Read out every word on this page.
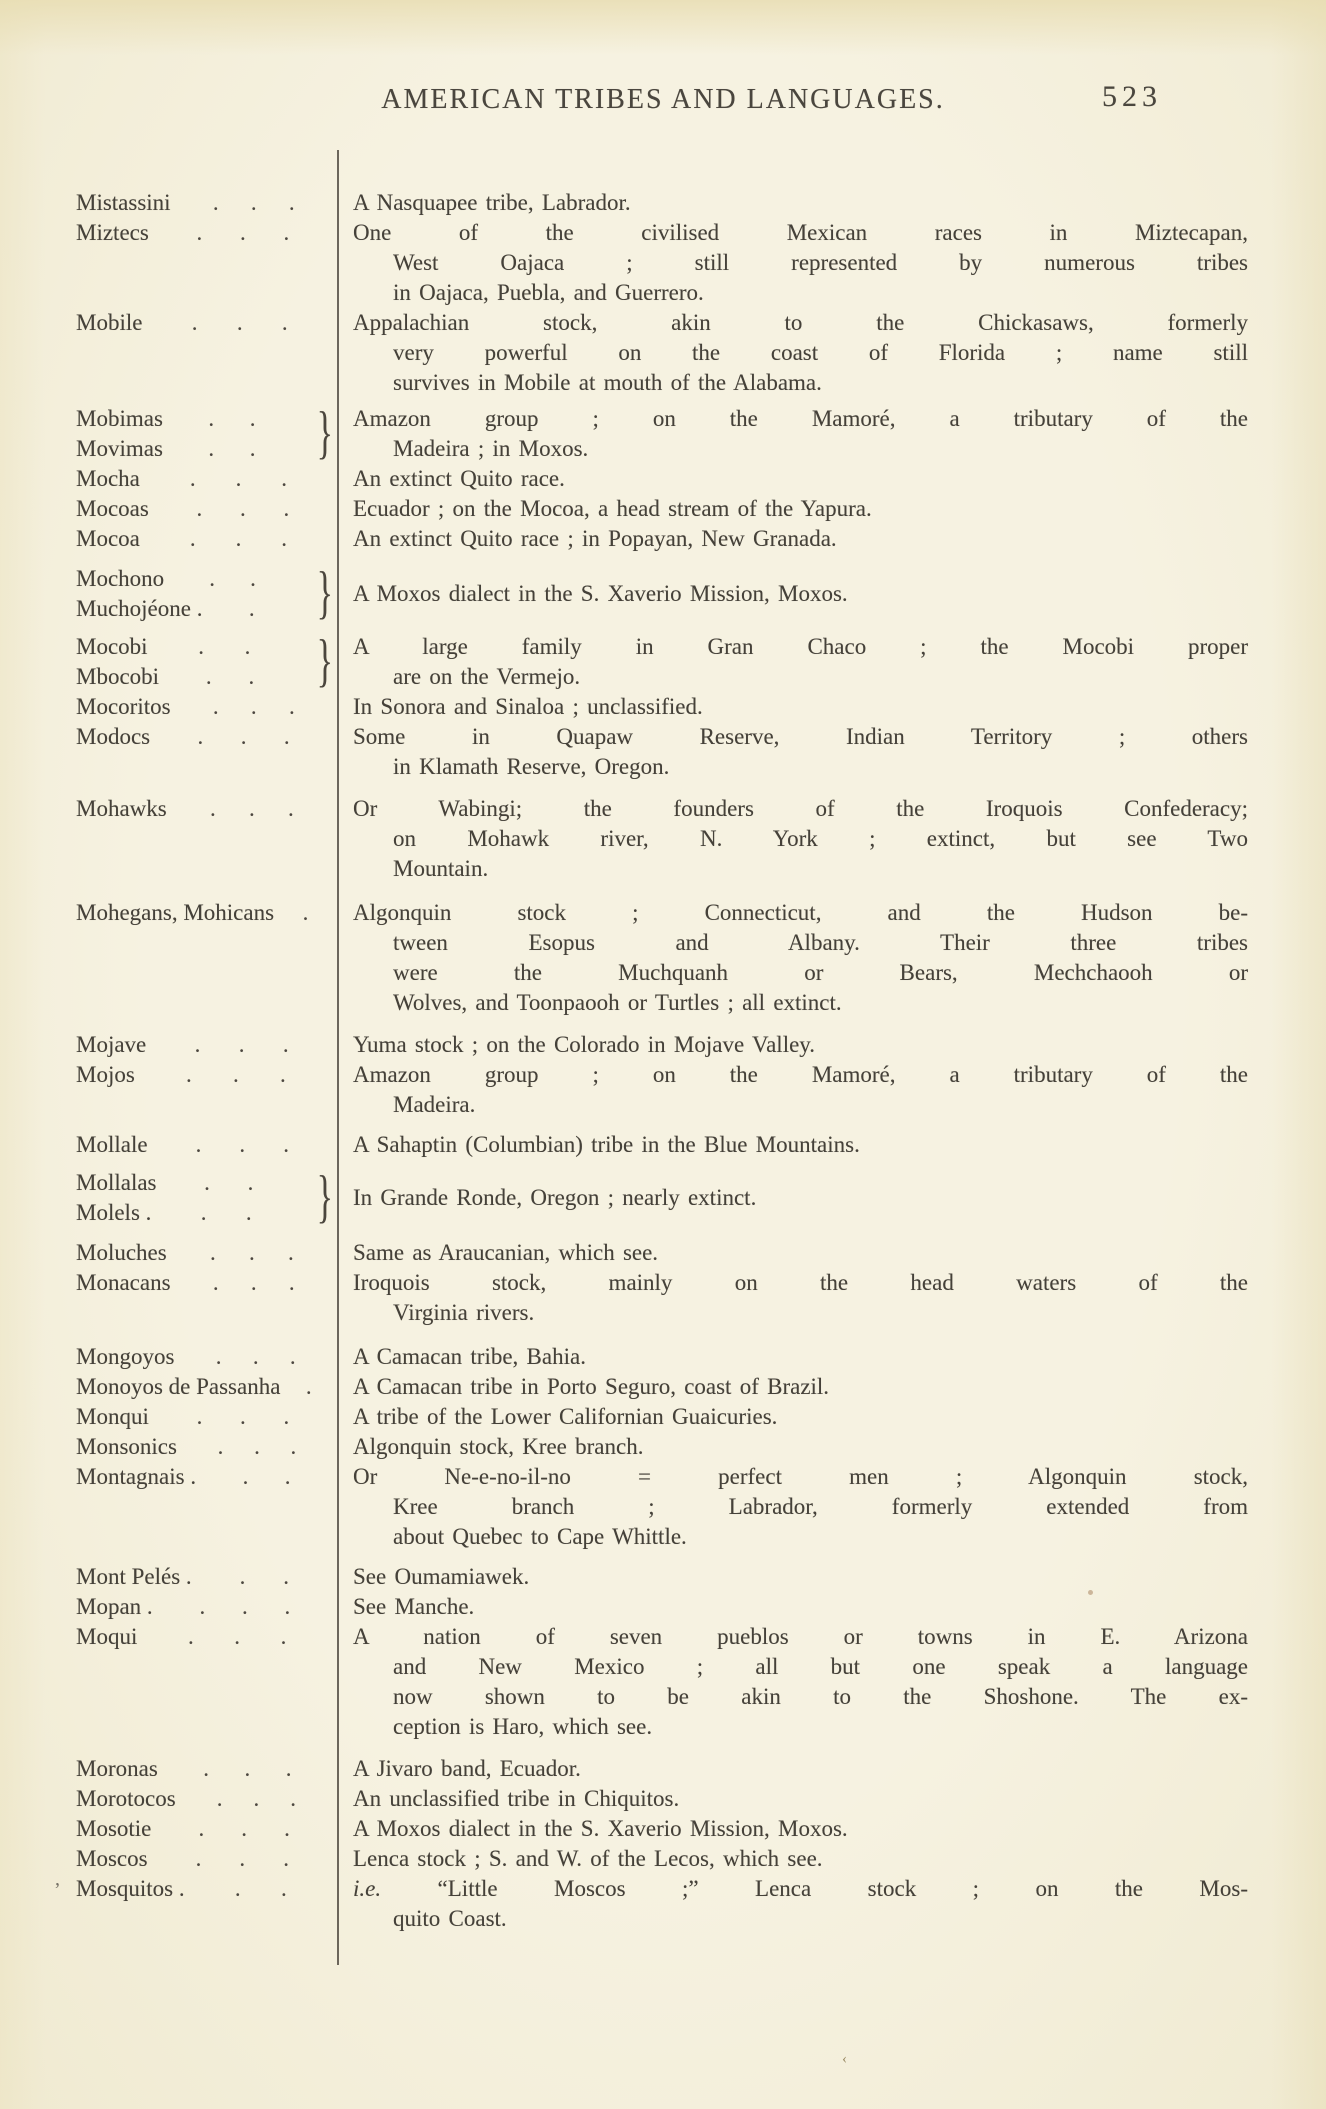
AMERICAN TRIBES AND LANGUAGES.	523
Mistassini . . .	A Nasquapee tribe, Labrador.
Miztecs . . .	One of the civilised Mexican races in Miztecapan,
West Oajaca ; still represented by numerous tribes
in Oajaca, Puebla, and Guerrero.
Mobile . . .	Appalachian stock, akin to the Chickasaws, formerly
very powerful on the coast of Florida ; name still
survives in Mobile at mouth of the Alabama.
Mobimas . .
Movimas . . } Amazon group ; on the Mamoré, a tributary of the
Madeira ; in Moxos.
Mocha . . .	An extinct Quito race.
Mocoas . . .	Ecuador ; on the Mocoa, a head stream of the Yapura.
Mocoa . . .	An extinct Quito race ; in Popayan, New Granada.
Mochono . .
Muchojéone . . } A Moxos dialect in the S. Xaverio Mission, Moxos.
Mocobi . .
Mbocobi . . } A large family in Gran Chaco ; the Mocobi proper
are on the Vermejo.
Mocoritos . . .	In Sonora and Sinaloa ; unclassified.
Modocs . . .	Some in Quapaw Reserve, Indian Territory ; others
in Klamath Reserve, Oregon.
Mohawks . . .	Or Wabingi; the founders of the Iroquois Confederacy;
on Mohawk river, N. York ; extinct, but see Two
Mountain.
Mohegans, Mohicans . Algonquin stock ; Connecticut, and the Hudson be-
tween Esopus and Albany. Their three tribes
were the Muchquanh or Bears, Mechchaooh or
Wolves, and Toonpaooh or Turtles ; all extinct.
Mojave . . .	Yuma stock ; on the Colorado in Mojave Valley.
Mojos . . .	Amazon group ; on the Mamoré, a tributary of the
Madeira.
Mollale . . .	A Sahaptin (Columbian) tribe in the Blue Mountains.
Mollalas . .
Molels . . . } In Grande Ronde, Oregon ; nearly extinct.
Moluches . . .	Same as Araucanian, which see.
Monacans . . .	Iroquois stock, mainly on the head waters of the
Virginia rivers.
Mongoyos . . . A Camacan tribe, Bahia.
Monoyos de Passanha . A Camacan tribe in Porto Seguro, coast of Brazil.
Monqui . . .	A tribe of the Lower Californian Guaicuries.
Monsonics . . . Algonquin stock, Kree branch.
Montagnais . . .	Or Ne-e-no-il-no = perfect men ; Algonquin stock,
Kree branch ; Labrador, formerly extended from
about Quebec to Cape Whittle.
Mont Pelés . . .	See Oumamiawek.
Mopan . . . .	See Manche.
Moqui . . .	A nation of seven pueblos or towns in E. Arizona
and New Mexico ; all but one speak a language
now shown to be akin to the Shoshone. The ex-
ception is Haro, which see.
Moronas . . .	A Jivaro band, Ecuador.
Morotocos . . . An unclassified tribe in Chiquitos.
Mosotie . . .	A Moxos dialect in the S. Xaverio Mission, Moxos.
Moscos . . .	Lenca stock ; S. and W. of the Lecos, which see.
Mosquitos . . .	i.e. “Little Moscos ;” Lenca stock ; on the Mos-
quito Coast.
,
‹
